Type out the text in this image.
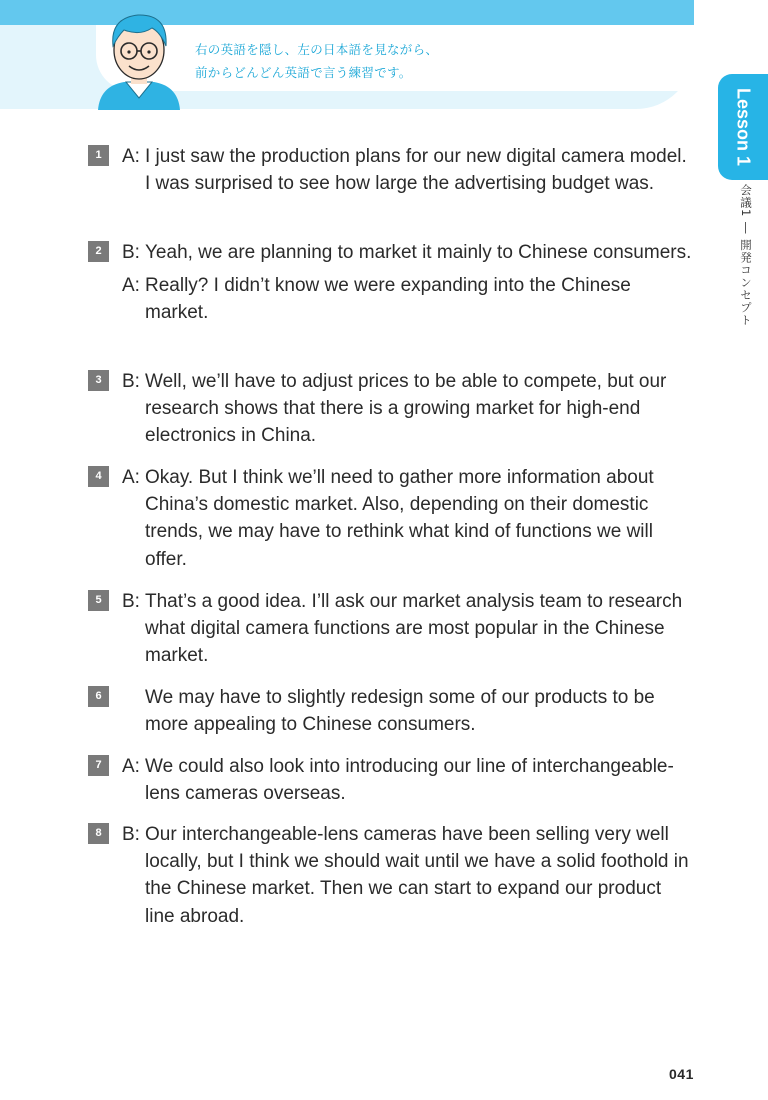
右の英語を隠し、左の日本語を見ながら、
前からどんどん英語で言う練習です。
Lesson 1
会議1 ― 開発コンセプト
1	A: I just saw the production plans for our new digital camera model. I was surprised to see how large the advertising budget was.
2	B: Yeah, we are planning to market it mainly to Chinese consumers.
A: Really? I didn’t know we were expanding into the Chinese market.
3	B: Well, we’ll have to adjust prices to be able to compete, but our research shows that there is a growing market for high-end electronics in China.
4	A: Okay. But I think we’ll need to gather more information about China’s domestic market. Also, depending on their domestic trends, we may have to rethink what kind of functions we will offer.
5	B: That’s a good idea. I’ll ask our market analysis team to research what digital camera functions are most popular in the Chinese market.
6	We may have to slightly redesign some of our products to be more appealing to Chinese consumers.
7	A: We could also look into introducing our line of interchangeable-lens cameras overseas.
8	B: Our interchangeable-lens cameras have been selling very well locally, but I think we should wait until we have a solid foothold in the Chinese market. Then we can start to expand our product line abroad.
041
